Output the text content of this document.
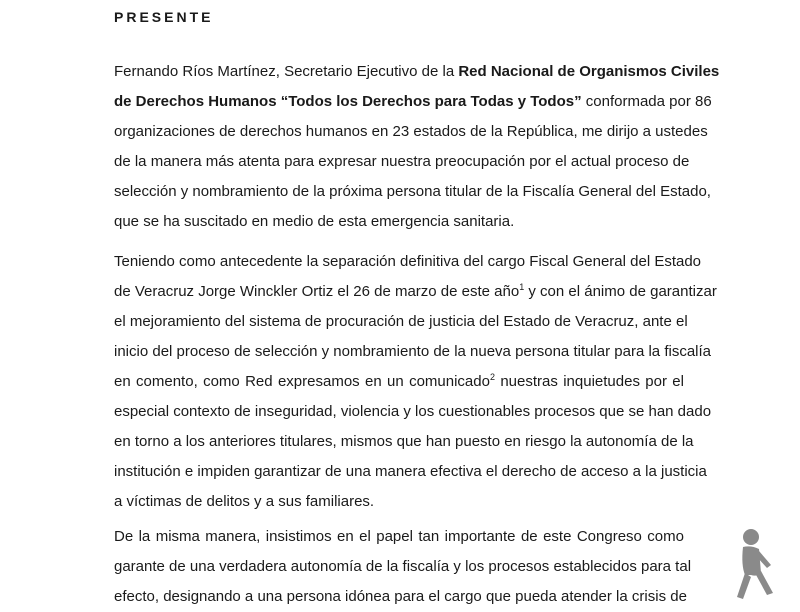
PRESENTE
Fernando Ríos Martínez, Secretario Ejecutivo de la Red Nacional de Organismos Civiles
de Derechos Humanos “Todos los Derechos para Todas y Todos” conformada por 86
organizaciones de derechos humanos en 23 estados de la República, me dirijo a ustedes
de la manera más atenta para expresar nuestra preocupación por el actual proceso de
selección y nombramiento de la próxima persona titular de la Fiscalía General del Estado,
que se ha suscitado en medio de esta emergencia sanitaria.
Teniendo como antecedente la separación definitiva del cargo Fiscal General del Estado
de Veracruz Jorge Winckler Ortiz el 26 de marzo de este año$^1$ y con el ánimo de garantizar
el mejoramiento del sistema de procuración de justicia del Estado de Veracruz, ante el
inicio del proceso de selección y nombramiento de la nueva persona titular para la fiscalía
en comento, como Red expresamos en un comunicado$^2$ nuestras inquietudes por el
especial contexto de inseguridad, violencia y los cuestionables procesos que se han dado
en torno a los anteriores titulares, mismos que han puesto en riesgo la autonomía de la
institución e impiden garantizar de una manera efectiva el derecho de acceso a la justicia
a víctimas de delitos y a sus familiares.
De la misma manera, insistimos en el papel tan importante de este Congreso como
garante de una verdadera autonomía de la fiscalía y los procesos establecidos para tal
efecto, designando a una persona idónea para el cargo que pueda atender la crisis de
